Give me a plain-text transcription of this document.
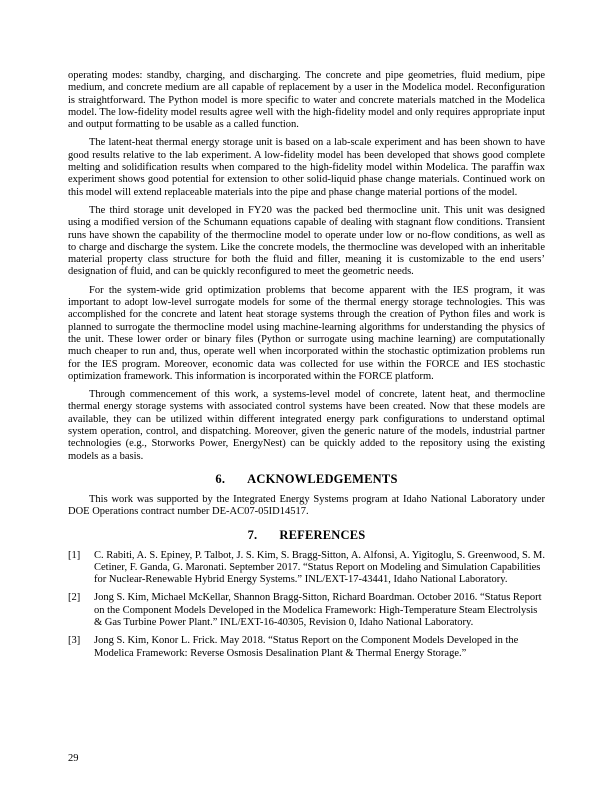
operating modes: standby, charging, and discharging. The concrete and pipe geometries, fluid medium, pipe medium, and concrete medium are all capable of replacement by a user in the Modelica model. Reconfiguration is straightforward. The Python model is more specific to water and concrete materials matched in the Modelica model. The low-fidelity model results agree well with the high-fidelity model and only requires appropriate input and output formatting to be usable as a called function.

The latent-heat thermal energy storage unit is based on a lab-scale experiment and has been shown to have good results relative to the lab experiment. A low-fidelity model has been developed that shows good complete melting and solidification results when compared to the high-fidelity model within Modelica. The paraffin wax experiment shows good potential for extension to other solid-liquid phase change materials. Continued work on this model will extend replaceable materials into the pipe and phase change material portions of the model.

The third storage unit developed in FY20 was the packed bed thermocline unit. This unit was designed using a modified version of the Schumann equations capable of dealing with stagnant flow conditions. Transient runs have shown the capability of the thermocline model to operate under low or no-flow conditions, as well as to charge and discharge the system. Like the concrete models, the thermocline was developed with an inheritable material property class structure for both the fluid and filler, meaning it is customizable to the end users’ designation of fluid, and can be quickly reconfigured to meet the geometric needs.

For the system-wide grid optimization problems that become apparent with the IES program, it was important to adopt low-level surrogate models for some of the thermal energy storage technologies. This was accomplished for the concrete and latent heat storage systems through the creation of Python files and work is planned to surrogate the thermocline model using machine-learning algorithms for understanding the physics of the unit. These lower order or binary files (Python or surrogate using machine learning) are computationally much cheaper to run and, thus, operate well when incorporated within the stochastic optimization problems run for the IES program. Moreover, economic data was collected for use within the FORCE and IES stochastic optimization framework. This information is incorporated within the FORCE platform.

Through commencement of this work, a systems-level model of concrete, latent heat, and thermocline thermal energy storage systems with associated control systems have been created. Now that these models are available, they can be utilized within different integrated energy park configurations to understand optimal system operation, control, and dispatching. Moreover, given the generic nature of the models, industrial partner technologies (e.g., Storworks Power, EnergyNest) can be quickly added to the repository using the existing models as a basis.

6. ACKNOWLEDGEMENTS

This work was supported by the Integrated Energy Systems program at Idaho National Laboratory under DOE Operations contract number DE-AC07-05ID14517.

7. REFERENCES
[1] C. Rabiti, A. S. Epiney, P. Talbot, J. S. Kim, S. Bragg-Sitton, A. Alfonsi, A. Yigitoglu, S. Greenwood, S. M. Cetiner, F. Ganda, G. Maronati. September 2017. “Status Report on Modeling and Simulation Capabilities for Nuclear-Renewable Hybrid Energy Systems.” INL/EXT-17-43441, Idaho National Laboratory.
[2] Jong S. Kim, Michael McKellar, Shannon Bragg-Sitton, Richard Boardman. October 2016. “Status Report on the Component Models Developed in the Modelica Framework: High-Temperature Steam Electrolysis & Gas Turbine Power Plant.” INL/EXT-16-40305, Revision 0, Idaho National Laboratory.
[3] Jong S. Kim, Konor L. Frick. May 2018. “Status Report on the Component Models Developed in the Modelica Framework: Reverse Osmosis Desalination Plant & Thermal Energy Storage.”
29
